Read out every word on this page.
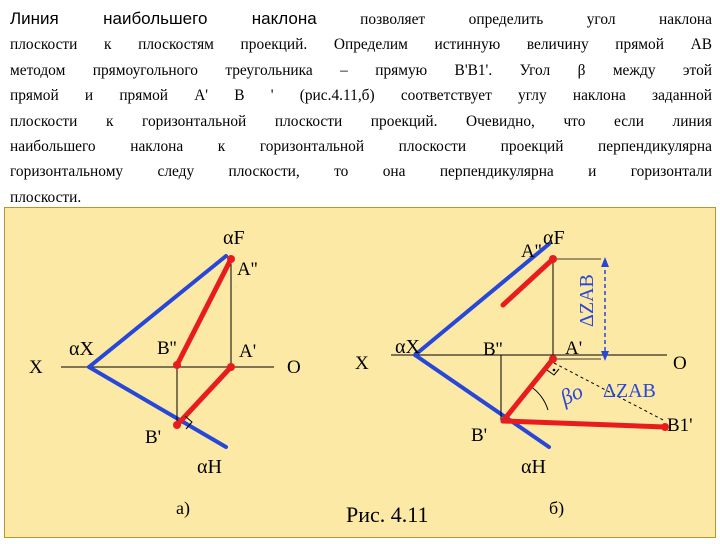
Линия наибольшего наклона	позволяет определить угол наклона
плоскости к плоскостям проекций. Определим истинную величину прямой AB
методом прямоугольного треугольника – прямую B'B1'. Угол β между этой
прямой и прямой A' B ' (рис.4.11,б) соответствует углу наклона заданной
плоскости к горизонтальной плоскости проекций. Очевидно, что если линия
наибольшего наклона к горизонтальной плоскости проекций перпендикулярна
горизонтальному следу плоскости, то она перпендикулярна и горизонтали
плоскости.
αF
A''
αX
X	O
B''	A'
B'
αH
а)	Рис. 4.11
αF
A''
αX
X	O
B''	A'
B'	B1'
αH
βo ΔZAB
ΔZAB
б)
